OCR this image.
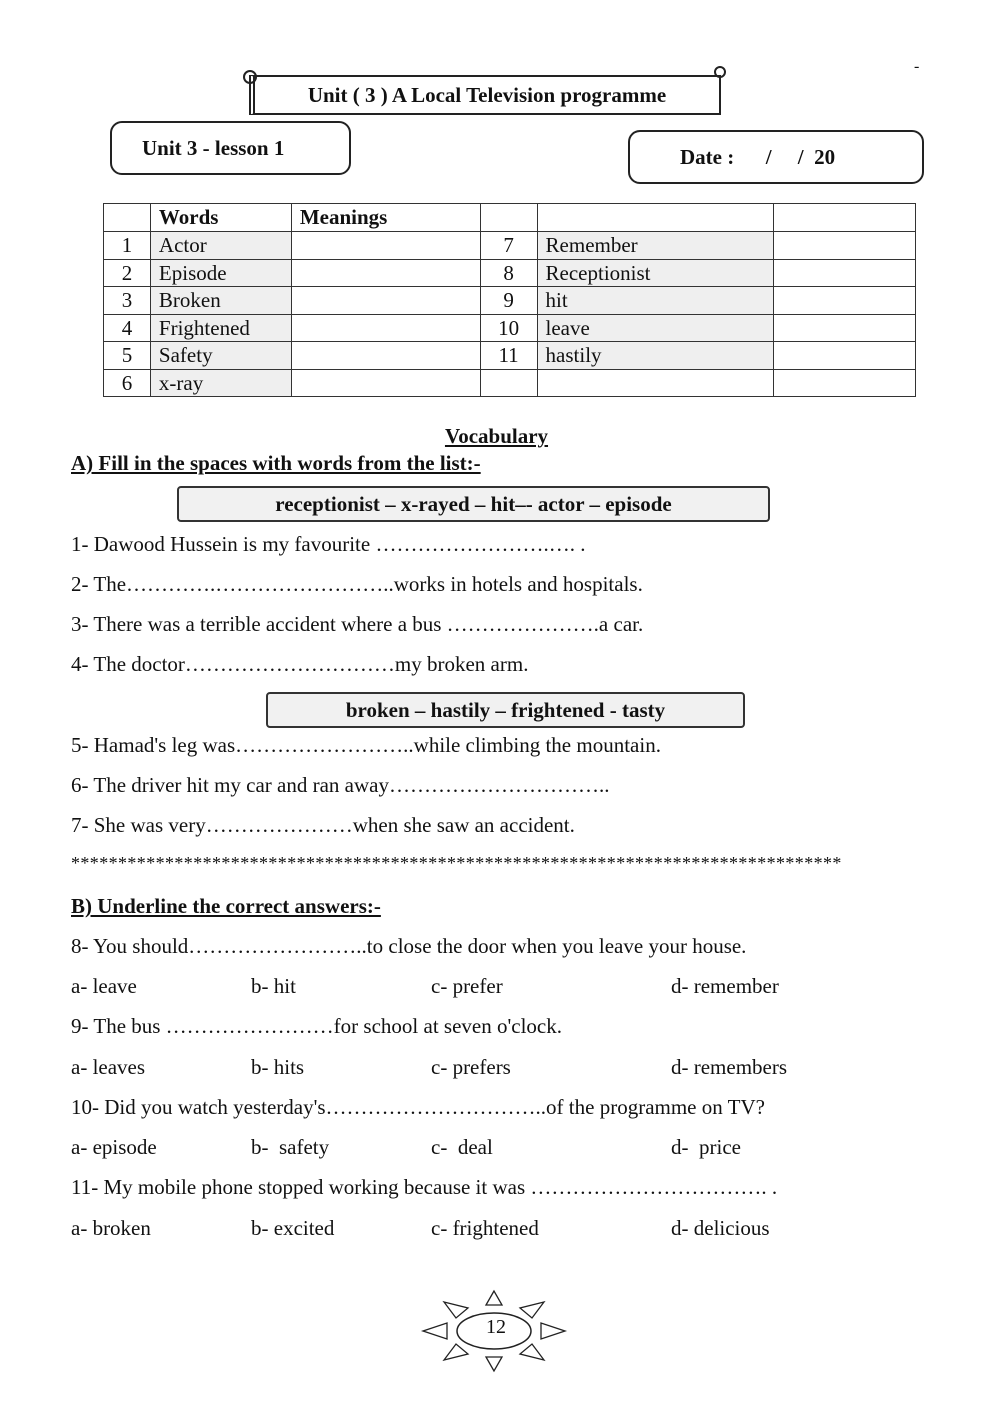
-
Unit ( 3 ) A Local Television programme
Unit 3 - lesson 1	Date :      /     /  20
	Words	Meanings			
1	Actor		7	Remember	
2	Episode		8	Receptionist	
3	Broken		9	hit	
4	Frightened		10	leave	
5	Safety		11	hastily	
6	x-ray				
Vocabulary
A) Fill in the spaces with words from the list:-
receptionist – x-rayed – hit–- actor – episode
1- Dawood Hussein is my favourite …………………….…. .
2- The………….……………………..works in hotels and hospitals.
3- There was a terrible accident where a bus ………………….a car.
4- The doctor…………………………my broken arm.
broken – hastily – frightened - tasty
5- Hamad's leg was……………………..while climbing the mountain.
6- The driver hit my car and ran away…………………………..
7- She was very…………………when she saw an accident.
**********************************************************************************
B) Underline the correct answers:-
8- You should……………………..to close the door when you leave your house.
a- leave	b- hit	c- prefer	d- remember
9- The bus ……………………for school at seven o'clock.
a- leaves	b- hits	c- prefers	d- remembers
10- Did you watch yesterday's…………………………..of the programme on TV?
a- episode	b-  safety	c-  deal	d-  price
11- My mobile phone stopped working because it was ……………………………. .
a- broken	b- excited	c- frightened	d- delicious
12
